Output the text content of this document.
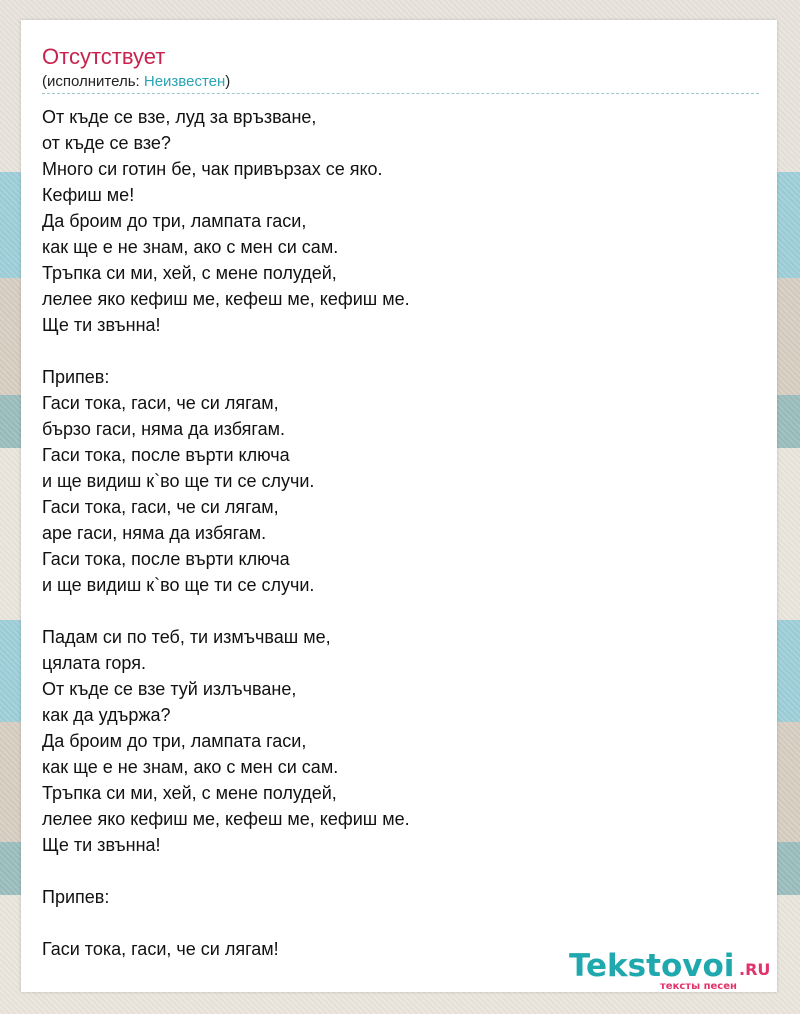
Отсутствует
(исполнитель: Неизвестен)
От къде се взе, луд за връзване,
от къде се взе?
Много си готин бе, чак привързах се яко.
Кефиш ме!
Да броим до три, лампата гаси,
как ще е не знам, ако с мен си сам.
Тръпка си ми, хей, с мене полудей,
лелее яко кефиш ме, кефеш ме, кефиш ме.
Ще ти звънна!
Припев:
Гаси тока, гаси, че си лягам,
бързо гаси, няма да избягам.
Гаси тока, после върти ключа
и ще видиш к`во ще ти се случи.
Гаси тока, гаси, че си лягам,
аре гаси, няма да избягам.
Гаси тока, после върти ключа
и ще видиш к`во ще ти се случи.
Падам си по теб, ти измъчваш ме,
цялата горя.
От къде се взе туй излъчване,
как да удържа?
Да броим до три, лампата гаси,
как ще е не знам, ако с мен си сам.
Тръпка си ми, хей, с мене полудей,
лелее яко кефиш ме, кефеш ме, кефиш ме.
Ще ти звънна!
Припев:
Гаси тока, гаси, че си лягам!	Tekstovoi .RU
тексты песен
